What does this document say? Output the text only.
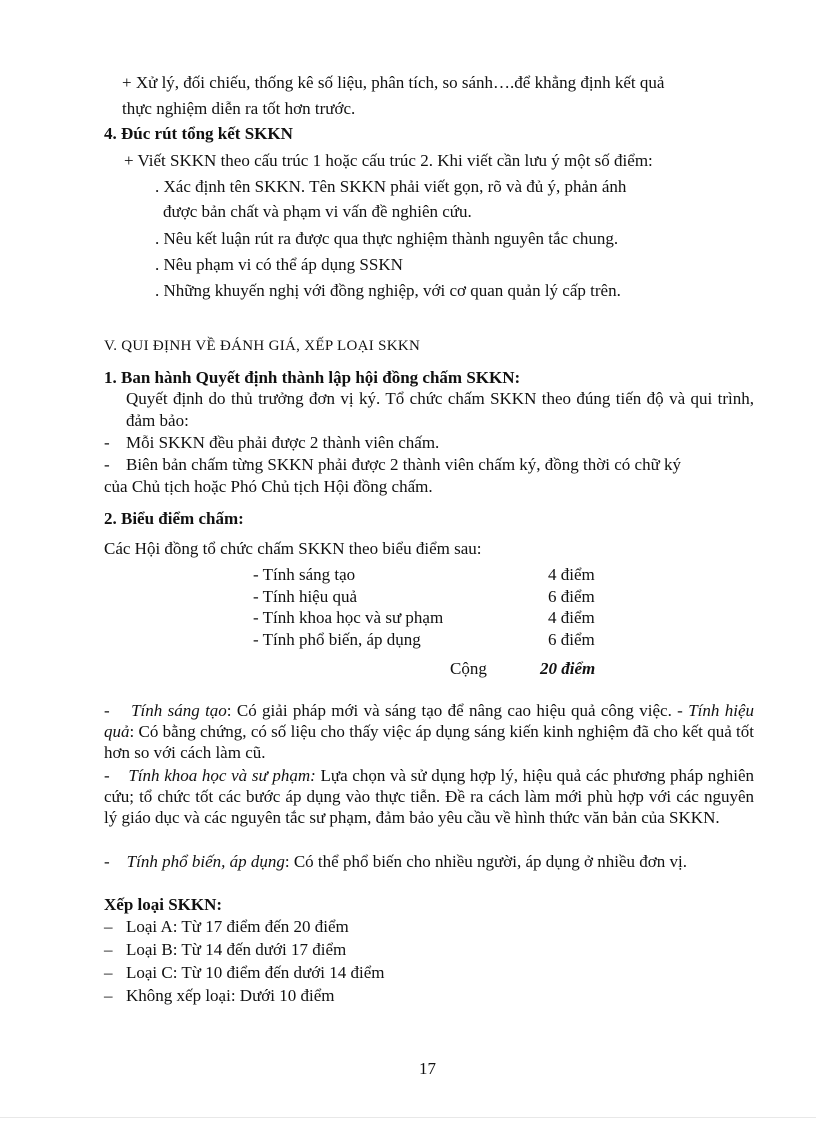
+ Xử lý, đối chiếu, thống kê số liệu, phân tích, so sánh….để khẳng định kết quả
thực nghiệm diễn ra tốt hơn trước.
4. Đúc rút tổng kết SKKN
+ Viết SKKN theo cấu trúc 1 hoặc cấu trúc 2. Khi viết cần lưu ý một số điểm:
. Xác định tên SKKN. Tên SKKN phải viết gọn, rõ và đủ ý, phản ánh
được bản chất và phạm vi vấn đề nghiên cứu.
. Nêu kết luận rút ra được qua thực nghiệm thành nguyên tắc chung.
. Nêu phạm vi có thể áp dụng SSKN
. Những khuyến nghị với đồng nghiệp, với cơ quan quản lý cấp trên.
V. QUI ĐỊNH VỀ ĐÁNH GIÁ, XẾP LOẠI SKKN
1. Ban hành Quyết định thành lập hội đồng chấm SKKN:
Quyết định do thủ trưởng đơn vị ký. Tổ chức chấm SKKN theo đúng tiến độ và qui trình, đảm bảo:
- Mỗi SKKN đều phải được 2 thành viên chấm.
- Biên bản chấm từng SKKN phải được 2 thành viên chấm ký, đồng thời có chữ ký
của Chủ tịch hoặc Phó Chủ tịch Hội đồng chấm.
2. Biểu điểm chấm:
Các Hội đồng tổ chức chấm SKKN theo biểu điểm sau:
- Tính sáng tạo	4 điểm
- Tính hiệu quả	6 điểm
- Tính khoa học và sư phạm	4 điểm
- Tính phổ biến, áp dụng	6 điểm
Cộng	20 điểm
- Tính sáng tạo: Có giải pháp mới và sáng tạo để nâng cao hiệu quả công việc. - Tính hiệu quả: Có bằng chứng, có số liệu cho thấy việc áp dụng sáng kiến kinh nghiệm đã cho kết quả tốt hơn so với cách làm cũ.
- Tính khoa học và sư phạm: Lựa chọn và sử dụng hợp lý, hiệu quả các phương pháp nghiên cứu; tổ chức tốt các bước áp dụng vào thực tiễn. Đề ra cách làm mới phù hợp với các nguyên lý giáo dục và các nguyên tắc sư phạm, đảm bảo yêu cầu về hình thức văn bản của SKKN.
- Tính phổ biến, áp dụng: Có thể phổ biến cho nhiều người, áp dụng ở nhiều đơn vị.
Xếp loại SKKN:
– Loại A: Từ 17 điểm đến 20 điểm
– Loại B: Từ 14 đến dưới 17 điểm
– Loại C: Từ 10 điểm đến dưới 14 điểm
– Không xếp loại: Dưới 10 điểm
17
